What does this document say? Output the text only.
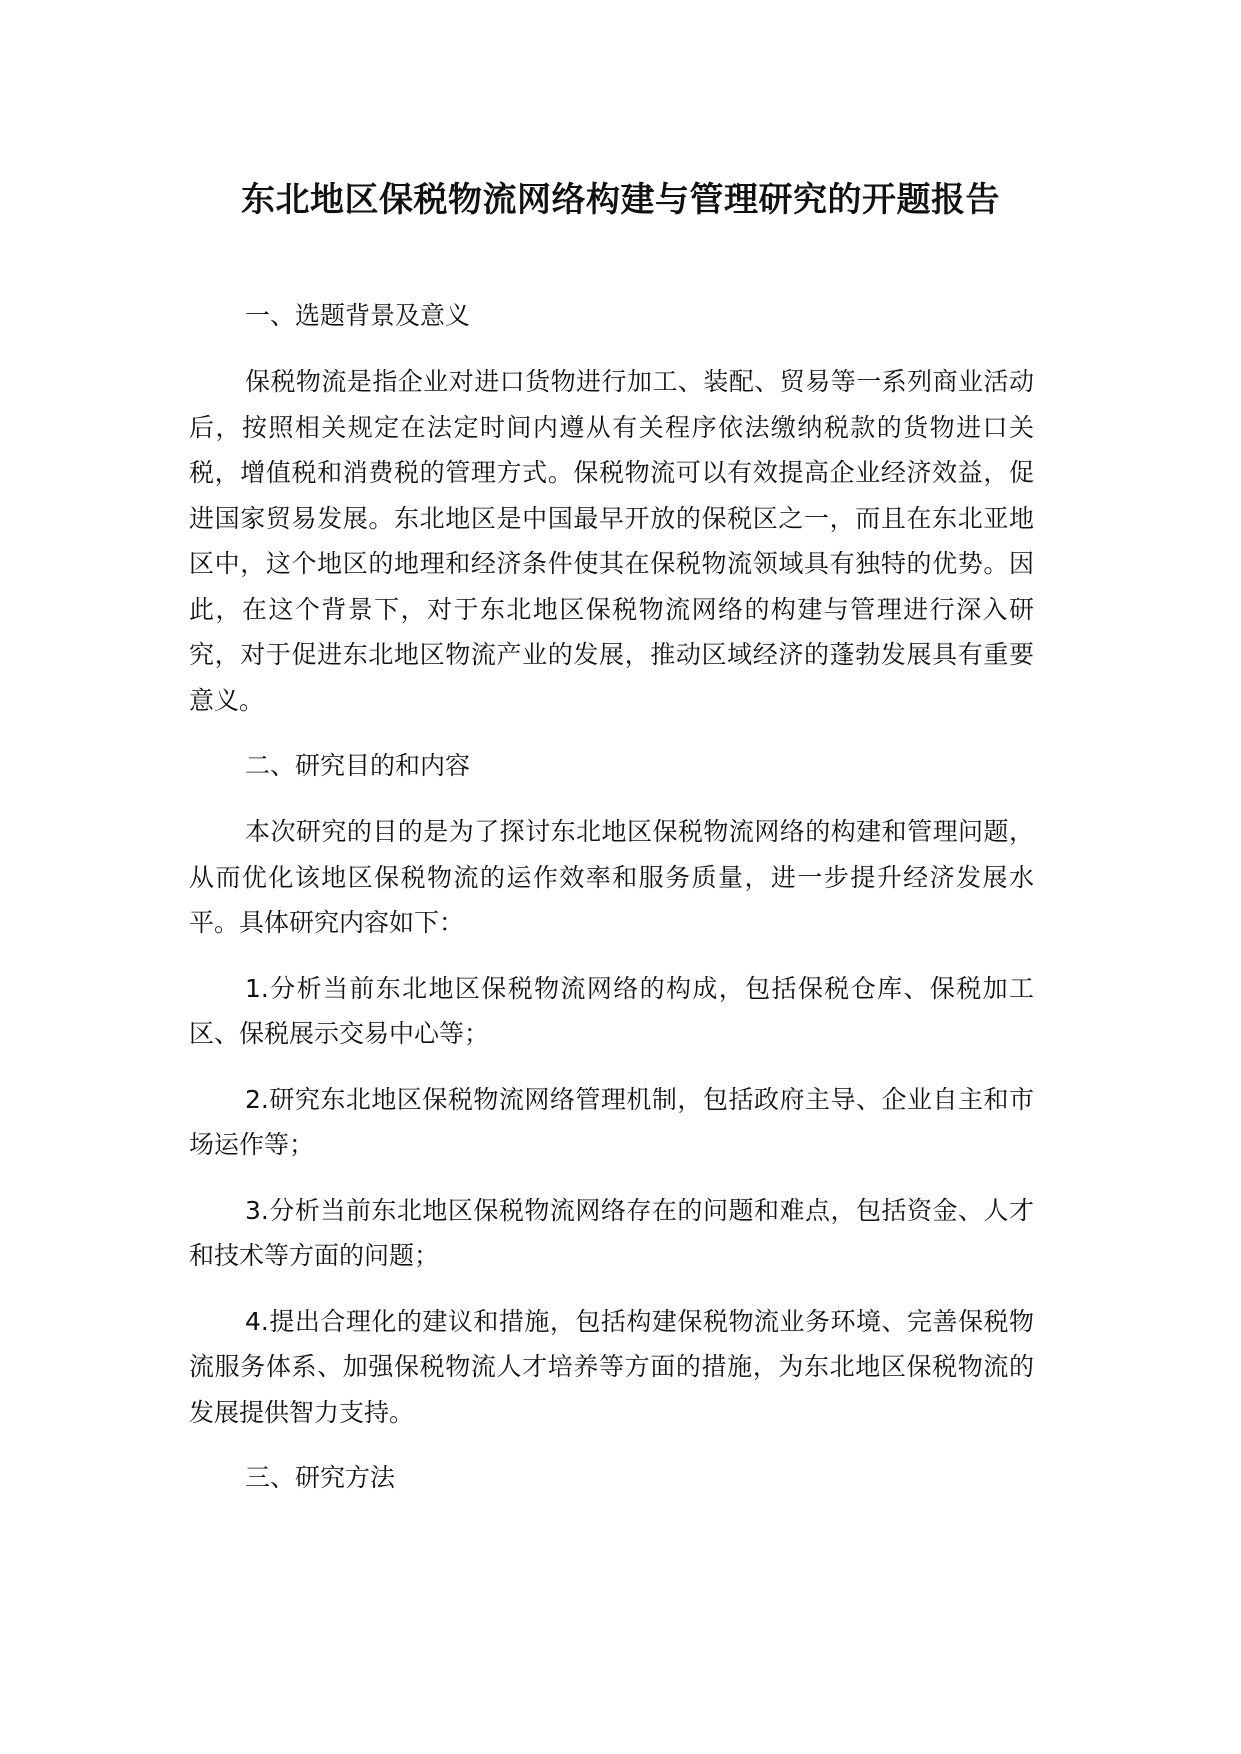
东北地区保税物流网络构建与管理研究的开题报告

一、选题背景及意义

保税物流是指企业对进口货物进行加工、装配、贸易等一系列商业活动后，按照相关规定在法定时间内遵从有关程序依法缴纳税款的货物进口关税，增值税和消费税的管理方式。保税物流可以有效提高企业经济效益，促进国家贸易发展。东北地区是中国最早开放的保税区之一，而且在东北亚地区中，这个地区的地理和经济条件使其在保税物流领域具有独特的优势。因此，在这个背景下，对于东北地区保税物流网络的构建与管理进行深入研究，对于促进东北地区物流产业的发展，推动区域经济的蓬勃发展具有重要意义。

二、研究目的和内容

本次研究的目的是为了探讨东北地区保税物流网络的构建和管理问题，从而优化该地区保税物流的运作效率和服务质量，进一步提升经济发展水平。具体研究内容如下：

1.分析当前东北地区保税物流网络的构成，包括保税仓库、保税加工区、保税展示交易中心等；

2.研究东北地区保税物流网络管理机制，包括政府主导、企业自主和市场运作等；

3.分析当前东北地区保税物流网络存在的问题和难点，包括资金、人才和技术等方面的问题；

4.提出合理化的建议和措施，包括构建保税物流业务环境、完善保税物流服务体系、加强保税物流人才培养等方面的措施，为东北地区保税物流的发展提供智力支持。

三、研究方法
